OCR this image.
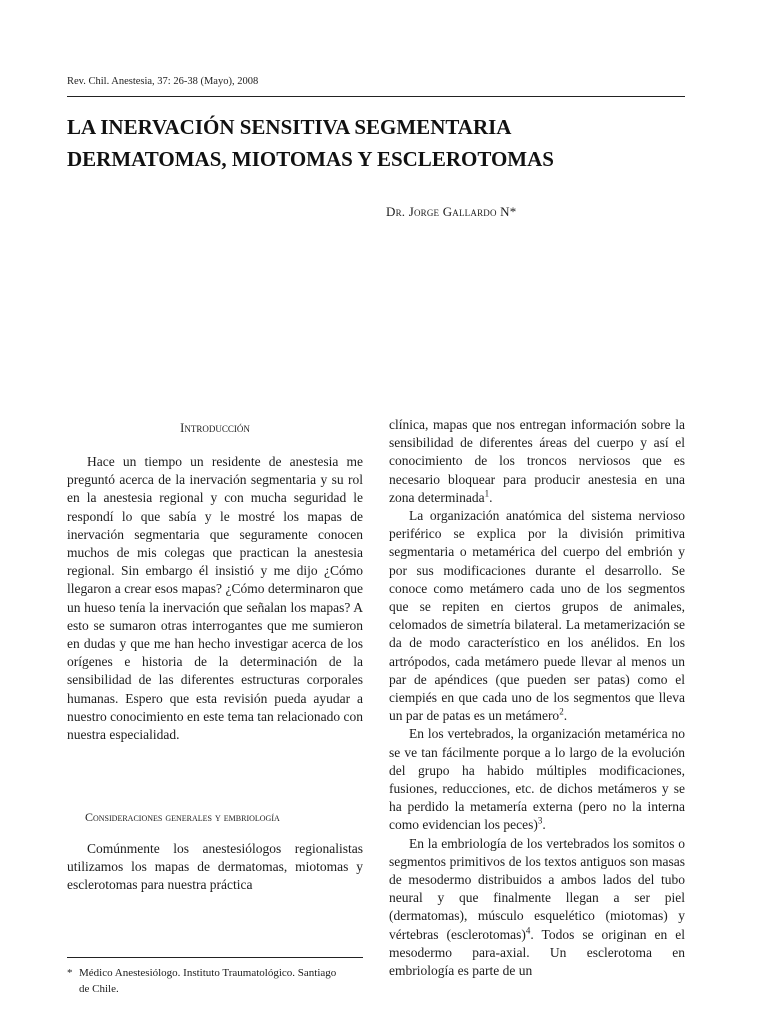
Rev. Chil. Anestesia, 37: 26-38 (Mayo), 2008
LA INERVACIÓN SENSITIVA SEGMENTARIA
DERMATOMAS, MIOTOMAS Y ESCLEROTOMAS
Dr. Jorge Gallardo N*

Introducción

Hace un tiempo un residente de anestesia me preguntó acerca de la inervación segmentaria y su rol en la anestesia regional y con mucha seguridad le respondí lo que sabía y le mostré los mapas de inervación segmentaria que seguramente conocen muchos de mis colegas que practican la anestesia regional. Sin embargo él insistió y me dijo ¿Cómo llegaron a crear esos mapas? ¿Cómo determinaron que un hueso tenía la inervación que señalan los mapas? A esto se sumaron otras interrogantes que me sumieron en dudas y que me han hecho investigar acerca de los orígenes e historia de la determinación de la sensibilidad de las diferentes estructuras corporales humanas. Espero que esta revisión pueda ayudar a nuestro conocimiento en este tema tan relacionado con nuestra especialidad.

Consideraciones generales y embriología

Comúnmente los anestesiólogos regionalistas utilizamos los mapas de dermatomas, miotomas y esclerotomas para nuestra práctica

clínica, mapas que nos entregan información sobre la sensibilidad de diferentes áreas del cuerpo y así el conocimiento de los troncos nerviosos que es necesario bloquear para producir anestesia en una zona determinada$^1$.

La organización anatómica del sistema nervioso periférico se explica por la división primitiva segmentaria o metamérica del cuerpo del embrión y por sus modificaciones durante el desarrollo. Se conoce como metámero cada uno de los segmentos que se repiten en ciertos grupos de animales, celomados de simetría bilateral. La metamerización se da de modo característico en los anélidos. En los artrópodos, cada metámero puede llevar al menos un par de apéndices (que pueden ser patas) como el ciempiés en que cada uno de los segmentos que lleva un par de patas es un metámero$^2$.

En los vertebrados, la organización metamérica no se ve tan fácilmente porque a lo largo de la evolución del grupo ha habido múltiples modificaciones, fusiones, reducciones, etc. de dichos metámeros y se ha perdido la metamería externa (pero no la interna como evidencian los peces)$^3$.

En la embriología de los vertebrados los somitos o segmentos primitivos de los textos antiguos son masas de mesodermo distribuidos a ambos lados del tubo neural y que finalmente llegan a ser piel (dermatomas), músculo esquelético (miotomas) y vértebras (esclerotomas)$^4$. Todos se originan en el mesodermo para-axial. Un esclerotoma en embriología es parte de un

* Médico Anestesiólogo. Instituto Traumatológico. Santiago
de Chile.
